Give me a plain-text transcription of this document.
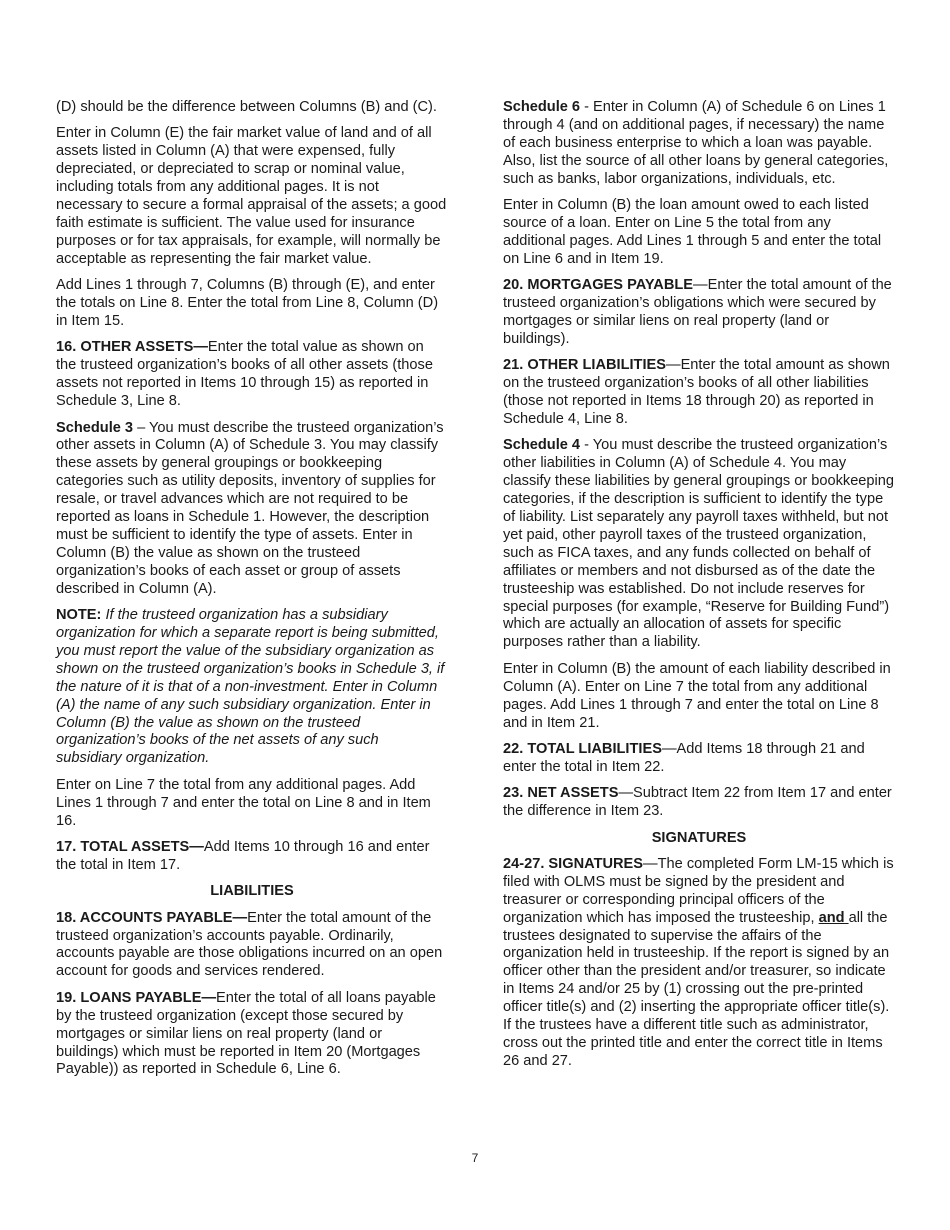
(D) should be the difference between Columns (B) and (C).

Enter in Column (E) the fair market value of land and of all assets listed in Column (A) that were expensed, fully depreciated, or depreciated to scrap or nominal value, including totals from any additional pages. It is not necessary to secure a formal appraisal of the assets; a good faith estimate is sufficient. The value used for insurance purposes or for tax appraisals, for example, will normally be acceptable as representing the fair market value.

Add Lines 1 through 7, Columns (B) through (E), and enter the totals on Line 8. Enter the total from Line 8, Column (D) in Item 15.

16. OTHER ASSETS—Enter the total value as shown on the trusteed organization’s books of all other assets (those assets not reported in Items 10 through 15) as reported in Schedule 3, Line 8.

Schedule 3 – You must describe the trusteed organization’s other assets in Column (A) of Schedule 3. You may classify these assets by general groupings or bookkeeping categories such as utility deposits, inventory of supplies for resale, or travel advances which are not required to be reported as loans in Schedule 1. However, the description must be sufficient to identify the type of assets. Enter in Column (B) the value as shown on the trusteed organization’s books of each asset or group of assets described in Column (A).

NOTE: If the trusteed organization has a subsidiary organization for which a separate report is being submitted, you must report the value of the subsidiary organization as shown on the trusteed organization’s books in Schedule 3, if the nature of it is that of a non-investment. Enter in Column (A) the name of any such subsidiary organization. Enter in Column (B) the value as shown on the trusteed organization’s books of the net assets of any such subsidiary organization.

Enter on Line 7 the total from any additional pages. Add Lines 1 through 7 and enter the total on Line 8 and in Item 16.

17. TOTAL ASSETS—Add Items 10 through 16 and enter the total in Item 17.

LIABILITIES

18. ACCOUNTS PAYABLE—Enter the total amount of the trusteed organization’s accounts payable. Ordinarily, accounts payable are those obligations incurred on an open account for goods and services rendered.

19. LOANS PAYABLE—Enter the total of all loans payable by the trusteed organization (except those secured by mortgages or similar liens on real property (land or buildings) which must be reported in Item 20 (Mortgages Payable)) as reported in Schedule 6, Line 6.

Schedule 6 - Enter in Column (A) of Schedule 6 on Lines 1 through 4 (and on additional pages, if necessary) the name of each business enterprise to which a loan was payable. Also, list the source of all other loans by general categories, such as banks, labor organizations, individuals, etc.

Enter in Column (B) the loan amount owed to each listed source of a loan. Enter on Line 5 the total from any additional pages. Add Lines 1 through 5 and enter the total on Line 6 and in Item 19.

20. MORTGAGES PAYABLE—Enter the total amount of the trusteed organization’s obligations which were secured by mortgages or similar liens on real property (land or buildings).

21. OTHER LIABILITIES—Enter the total amount as shown on the trusteed organization’s books of all other liabilities (those not reported in Items 18 through 20) as reported in Schedule 4, Line 8.

Schedule 4 - You must describe the trusteed organization’s other liabilities in Column (A) of Schedule 4. You may classify these liabilities by general groupings or bookkeeping categories, if the description is sufficient to identify the type of liability. List separately any payroll taxes withheld, but not yet paid, other payroll taxes of the trusteed organization, such as FICA taxes, and any funds collected on behalf of affiliates or members and not disbursed as of the date the trusteeship was established. Do not include reserves for special purposes (for example, “Reserve for Building Fund”) which are actually an allocation of assets for specific purposes rather than a liability.

Enter in Column (B) the amount of each liability described in Column (A). Enter on Line 7 the total from any additional pages. Add Lines 1 through 7 and enter the total on Line 8 and in Item 21.

22. TOTAL LIABILITIES—Add Items 18 through 21 and enter the total in Item 22.

23. NET ASSETS—Subtract Item 22 from Item 17 and enter the difference in Item 23.

SIGNATURES

24-27. SIGNATURES—The completed Form LM-15 which is filed with OLMS must be signed by the president and treasurer or corresponding principal officers of the organization which has imposed the trusteeship, and all the trustees designated to supervise the affairs of the organization held in trusteeship. If the report is signed by an officer other than the president and/or treasurer, so indicate in Items 24 and/or 25 by (1) crossing out the pre-printed officer title(s) and (2) inserting the appropriate officer title(s). If the trustees have a different title such as administrator, cross out the printed title and enter the correct title in Items 26 and 27.

7
